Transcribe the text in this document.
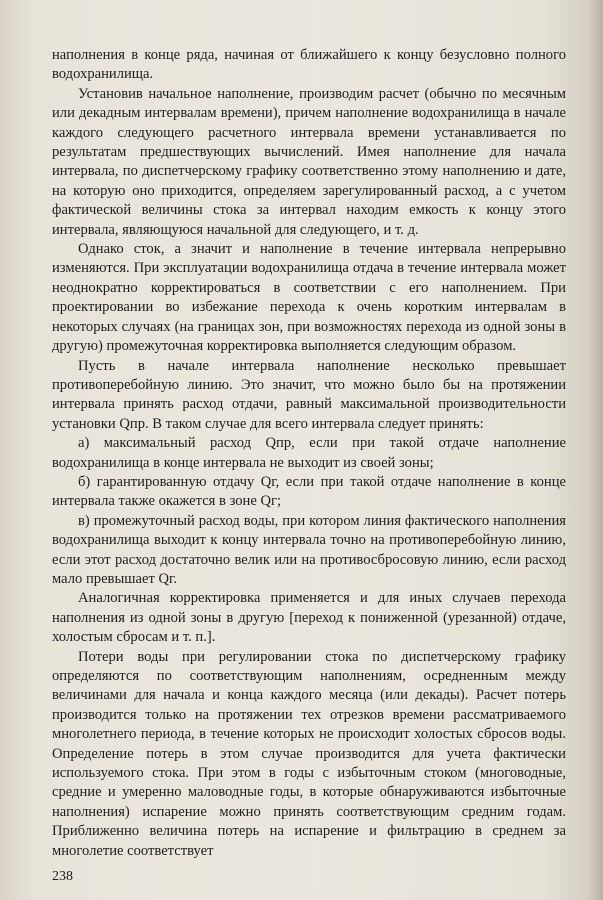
наполнения в конце ряда, начиная от ближайшего к концу безусловно полного водохранилища.

Установив начальное наполнение, производим расчет (обычно по месячным или декадным интервалам времени), причем наполнение водохранилища в начале каждого следующего расчетного интервала времени устанавливается по результатам предшествующих вычислений. Имея наполнение для начала интервала, по диспетчерскому графику соответственно этому наполнению и дате, на которую оно приходится, определяем зарегулированный расход, а с учетом фактической величины стока за интервал находим емкость к концу этого интервала, являющуюся начальной для следующего, и т. д.

Однако сток, а значит и наполнение в течение интервала непрерывно изменяются. При эксплуатации водохранилища отдача в течение интервала может неоднократно корректироваться в соответствии с его наполнением. При проектировании во избежание перехода к очень коротким интервалам в некоторых случаях (на границах зон, при возможностях перехода из одной зоны в другую) промежуточная корректировка выполняется следующим образом.

Пусть в начале интервала наполнение несколько превышает противоперебойную линию. Это значит, что можно было бы на протяжении интервала принять расход отдачи, равный максимальной производительности установки Qпр. В таком случае для всего интервала следует принять:

а) максимальный расход Qпр, если при такой отдаче наполнение водохранилища в конце интервала не выходит из своей зоны;

б) гарантированную отдачу Qг, если при такой отдаче наполнение в конце интервала также окажется в зоне Qг;

в) промежуточный расход воды, при котором линия фактического наполнения водохранилища выходит к концу интервала точно на противоперебойную линию, если этот расход достаточно велик или на противосбросовую линию, если расход мало превышает Qг.

Аналогичная корректировка применяется и для иных случаев перехода наполнения из одной зоны в другую [переход к пониженной (урезанной) отдаче, холостым сбросам и т. п.].

Потери воды при регулировании стока по диспетчерскому графику определяются по соответствующим наполнениям, осредненным между величинами для начала и конца каждого месяца (или декады). Расчет потерь производится только на протяжении тех отрезков времени рассматриваемого многолетнего периода, в течение которых не происходит холостых сбросов воды. Определение потерь в этом случае производится для учета фактически используемого стока. При этом в годы с избыточным стоком (многоводные, средние и умеренно маловодные годы, в которые обнаруживаются избыточные наполнения) испарение можно принять соответствующим средним годам. Приближенно величина потерь на испарение и фильтрацию в среднем за многолетие соответствует

238
